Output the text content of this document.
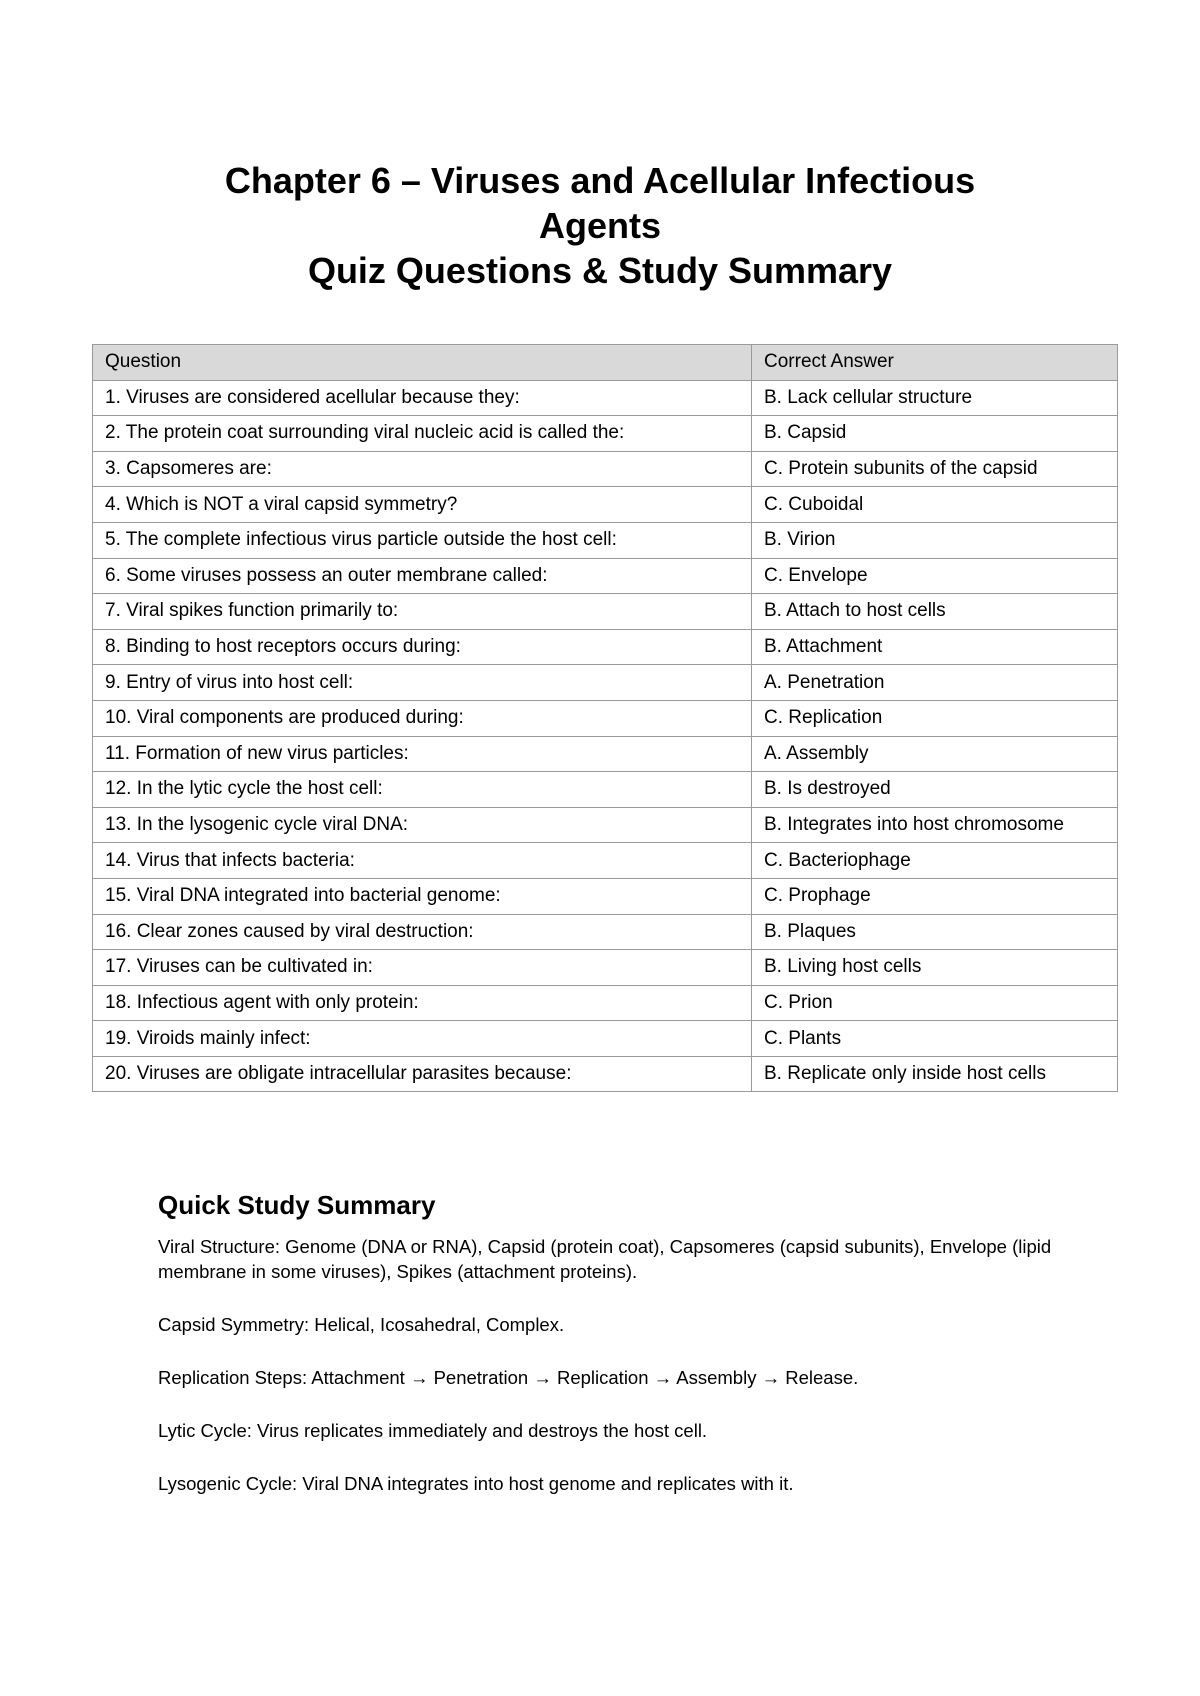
Chapter 6 – Viruses and Acellular Infectious
Agents
Quiz Questions & Study Summary
Question	Correct Answer
1. Viruses are considered acellular because they:	B. Lack cellular structure
2. The protein coat surrounding viral nucleic acid is called the:	B. Capsid
3. Capsomeres are:	C. Protein subunits of the capsid
4. Which is NOT a viral capsid symmetry?	C. Cuboidal
5. The complete infectious virus particle outside the host cell:	B. Virion
6. Some viruses possess an outer membrane called:	C. Envelope
7. Viral spikes function primarily to:	B. Attach to host cells
8. Binding to host receptors occurs during:	B. Attachment
9. Entry of virus into host cell:	A. Penetration
10. Viral components are produced during:	C. Replication
11. Formation of new virus particles:	A. Assembly
12. In the lytic cycle the host cell:	B. Is destroyed
13. In the lysogenic cycle viral DNA:	B. Integrates into host chromosome
14. Virus that infects bacteria:	C. Bacteriophage
15. Viral DNA integrated into bacterial genome:	C. Prophage
16. Clear zones caused by viral destruction:	B. Plaques
17. Viruses can be cultivated in:	B. Living host cells
18. Infectious agent with only protein:	C. Prion
19. Viroids mainly infect:	C. Plants
20. Viruses are obligate intracellular parasites because:	B. Replicate only inside host cells
Quick Study Summary

Viral Structure: Genome (DNA or RNA), Capsid (protein coat), Capsomeres (capsid subunits), Envelope (lipid membrane in some viruses), Spikes (attachment proteins).

Capsid Symmetry: Helical, Icosahedral, Complex.

Replication Steps: Attachment → Penetration → Replication → Assembly → Release.

Lytic Cycle: Virus replicates immediately and destroys the host cell.

Lysogenic Cycle: Viral DNA integrates into host genome and replicates with it.
